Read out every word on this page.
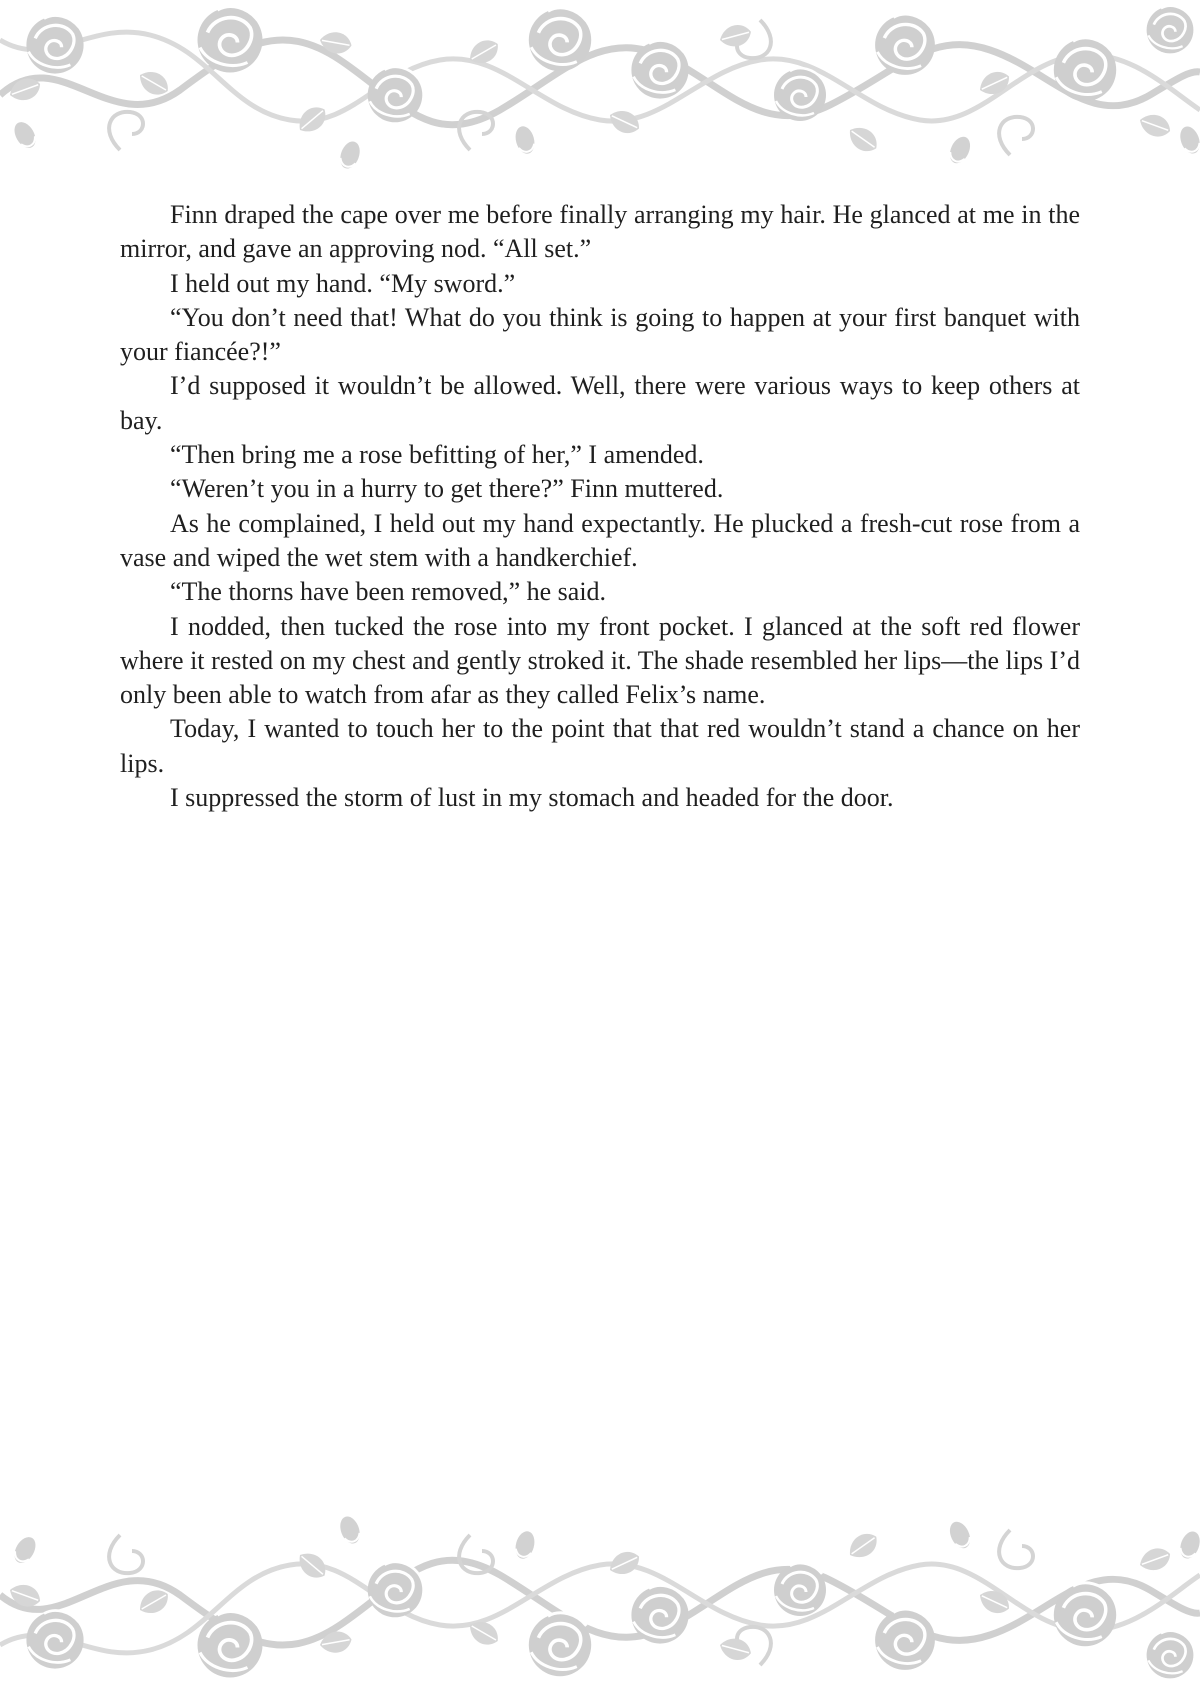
Finn draped the cape over me before finally arranging my hair. He glanced at me in the mirror, and gave an approving nod. “All set.”

I held out my hand. “My sword.”

“You don’t need that! What do you think is going to happen at your first banquet with your fiancée?!”

I’d supposed it wouldn’t be allowed. Well, there were various ways to keep others at bay.

“Then bring me a rose befitting of her,” I amended.

“Weren’t you in a hurry to get there?” Finn muttered.

As he complained, I held out my hand expectantly. He plucked a fresh-cut rose from a vase and wiped the wet stem with a handkerchief.

“The thorns have been removed,” he said.

I nodded, then tucked the rose into my front pocket. I glanced at the soft red flower where it rested on my chest and gently stroked it. The shade resembled her lips—the lips I’d only been able to watch from afar as they called Felix’s name.

Today, I wanted to touch her to the point that that red wouldn’t stand a chance on her lips.

I suppressed the storm of lust in my stomach and headed for the door.
